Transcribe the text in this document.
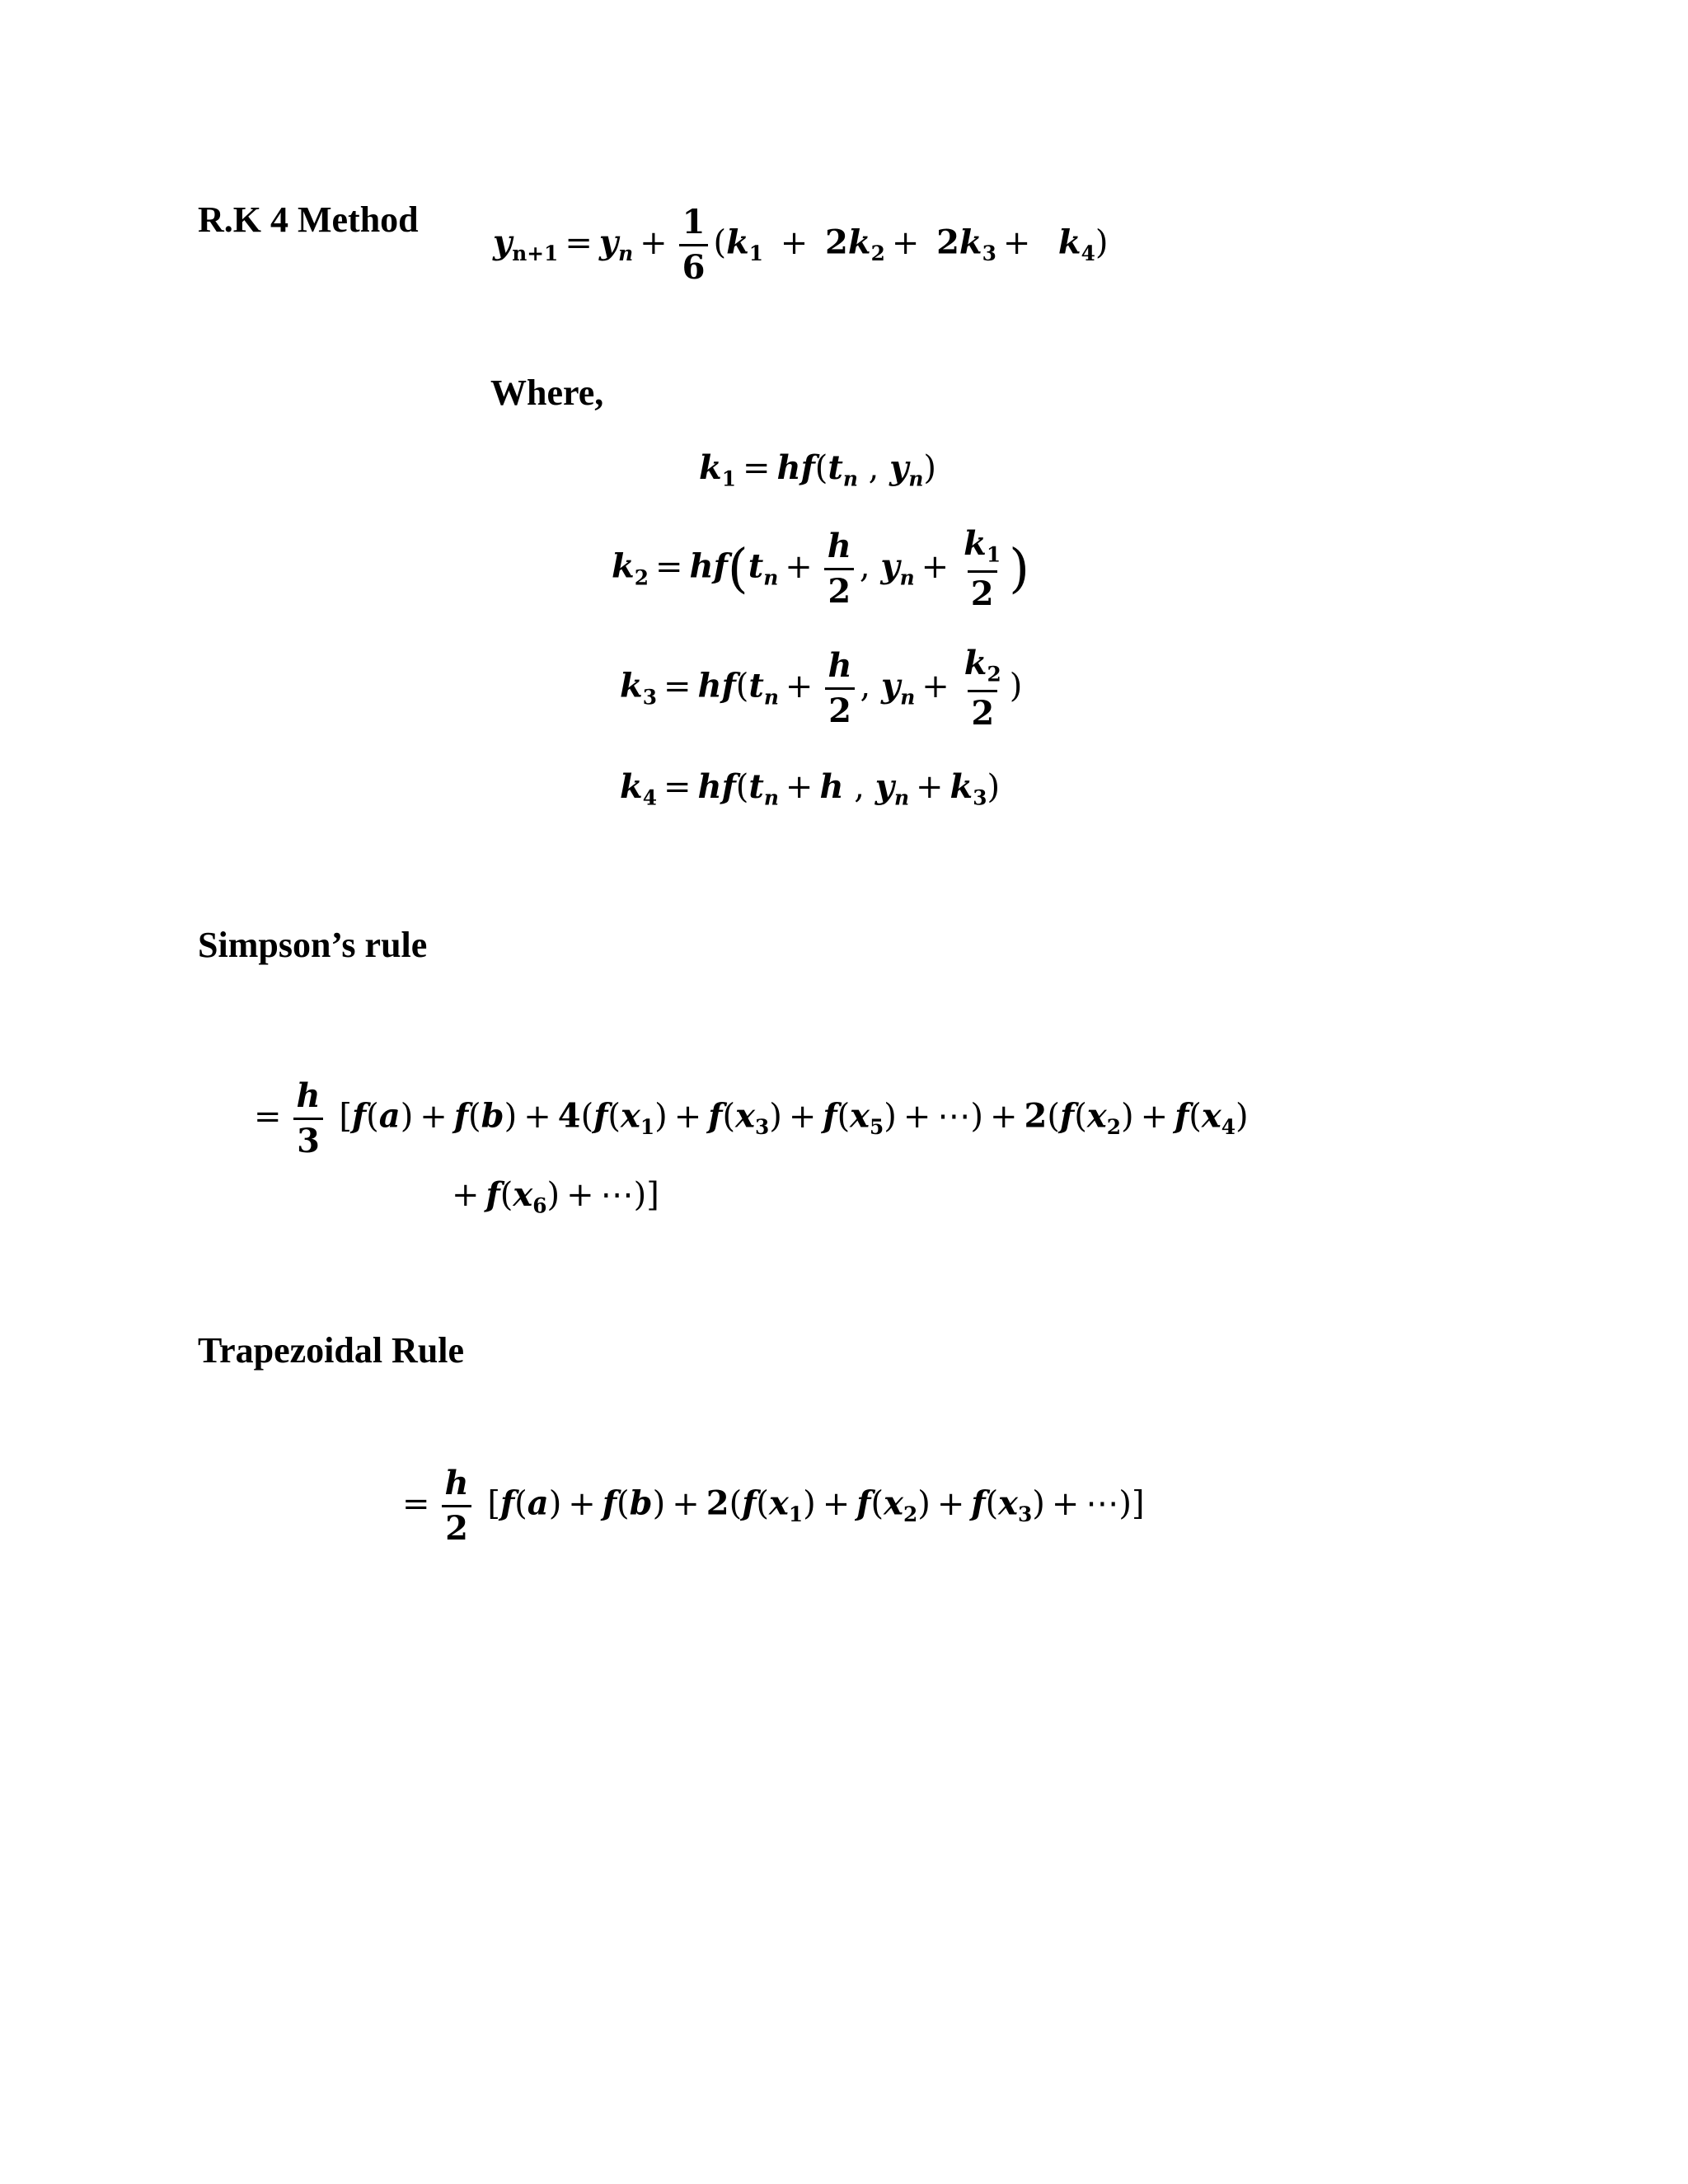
R.K 4 Method
$y_{n+1} = y_n + \frac{1}{6} (k_1 + 2k_2 + 2k_3 + k_4)$
Where,
$k_1 = hf(t_n$ , $y_n$)
$k_2 = hf(t_n + \frac{h}{2}$ , $y_n + \frac{k_1}{2}$ )
$k_3 = hf(t_n + \frac{h}{2}$ , $y_n + \frac{k_2}{2}$ )
$k_4 = hf(t_n + h$ , $y_n + k_3$)
Simpson’s rule
= $\frac{h}{3} [f(a) + f(b) + 4(f(x_1) + f(x_3) + f(x_5)$ + ⋯) + $2(f(x_2) + f(x_4)$
+ $f(x_6)$ + ⋯)]
Trapezoidal Rule
= $\frac{h}{2} [f(a) + f(b) + 2(f(x_1) + f(x_2) + f(x_3)$ + ⋯)]
